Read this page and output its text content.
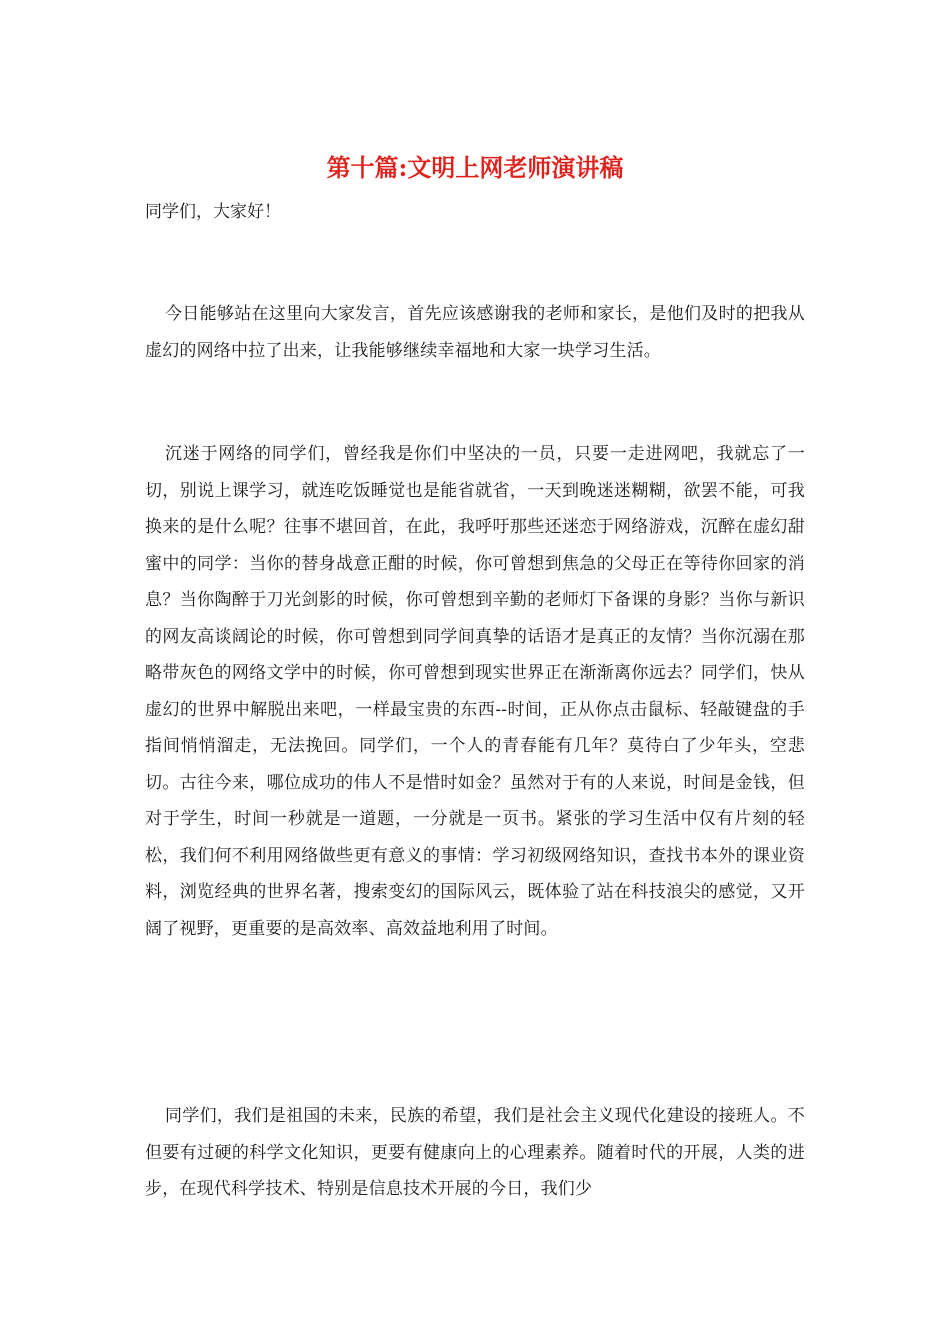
第十篇:文明上网老师演讲稿

同学们，大家好！

今日能够站在这里向大家发言，首先应该感谢我的老师和家长，是他们及时的把我从虚幻的网络中拉了出来，让我能够继续幸福地和大家一块学习生活。

沉迷于网络的同学们，曾经我是你们中坚决的一员，只要一走进网吧，我就忘了一切，别说上课学习，就连吃饭睡觉也是能省就省，一天到晚迷迷糊糊，欲罢不能，可我换来的是什么呢？往事不堪回首，在此，我呼吁那些还迷恋于网络游戏，沉醉在虚幻甜蜜中的同学：当你的替身战意正酣的时候，你可曾想到焦急的父母正在等待你回家的消息？当你陶醉于刀光剑影的时候，你可曾想到辛勤的老师灯下备课的身影？当你与新识的网友高谈阔论的时候，你可曾想到同学间真挚的话语才是真正的友情？当你沉溺在那略带灰色的网络文学中的时候，你可曾想到现实世界正在渐渐离你远去？同学们，快从虚幻的世界中解脱出来吧，一样最宝贵的东西--时间，正从你点击鼠标、轻敲键盘的手指间悄悄溜走，无法挽回。同学们，一个人的青春能有几年？莫待白了少年头，空悲切。古往今来，哪位成功的伟人不是惜时如金？虽然对于有的人来说，时间是金钱，但对于学生，时间一秒就是一道题，一分就是一页书。紧张的学习生活中仅有片刻的轻松，我们何不利用网络做些更有意义的事情：学习初级网络知识，查找书本外的课业资料，浏览经典的世界名著，搜索变幻的国际风云，既体验了站在科技浪尖的感觉，又开阔了视野，更重要的是高效率、高效益地利用了时间。

同学们，我们是祖国的未来，民族的希望，我们是社会主义现代化建设的接班人。不但要有过硬的科学文化知识，更要有健康向上的心理素养。随着时代的开展，人类的进步，在现代科学技术、特别是信息技术开展的今日，我们少
